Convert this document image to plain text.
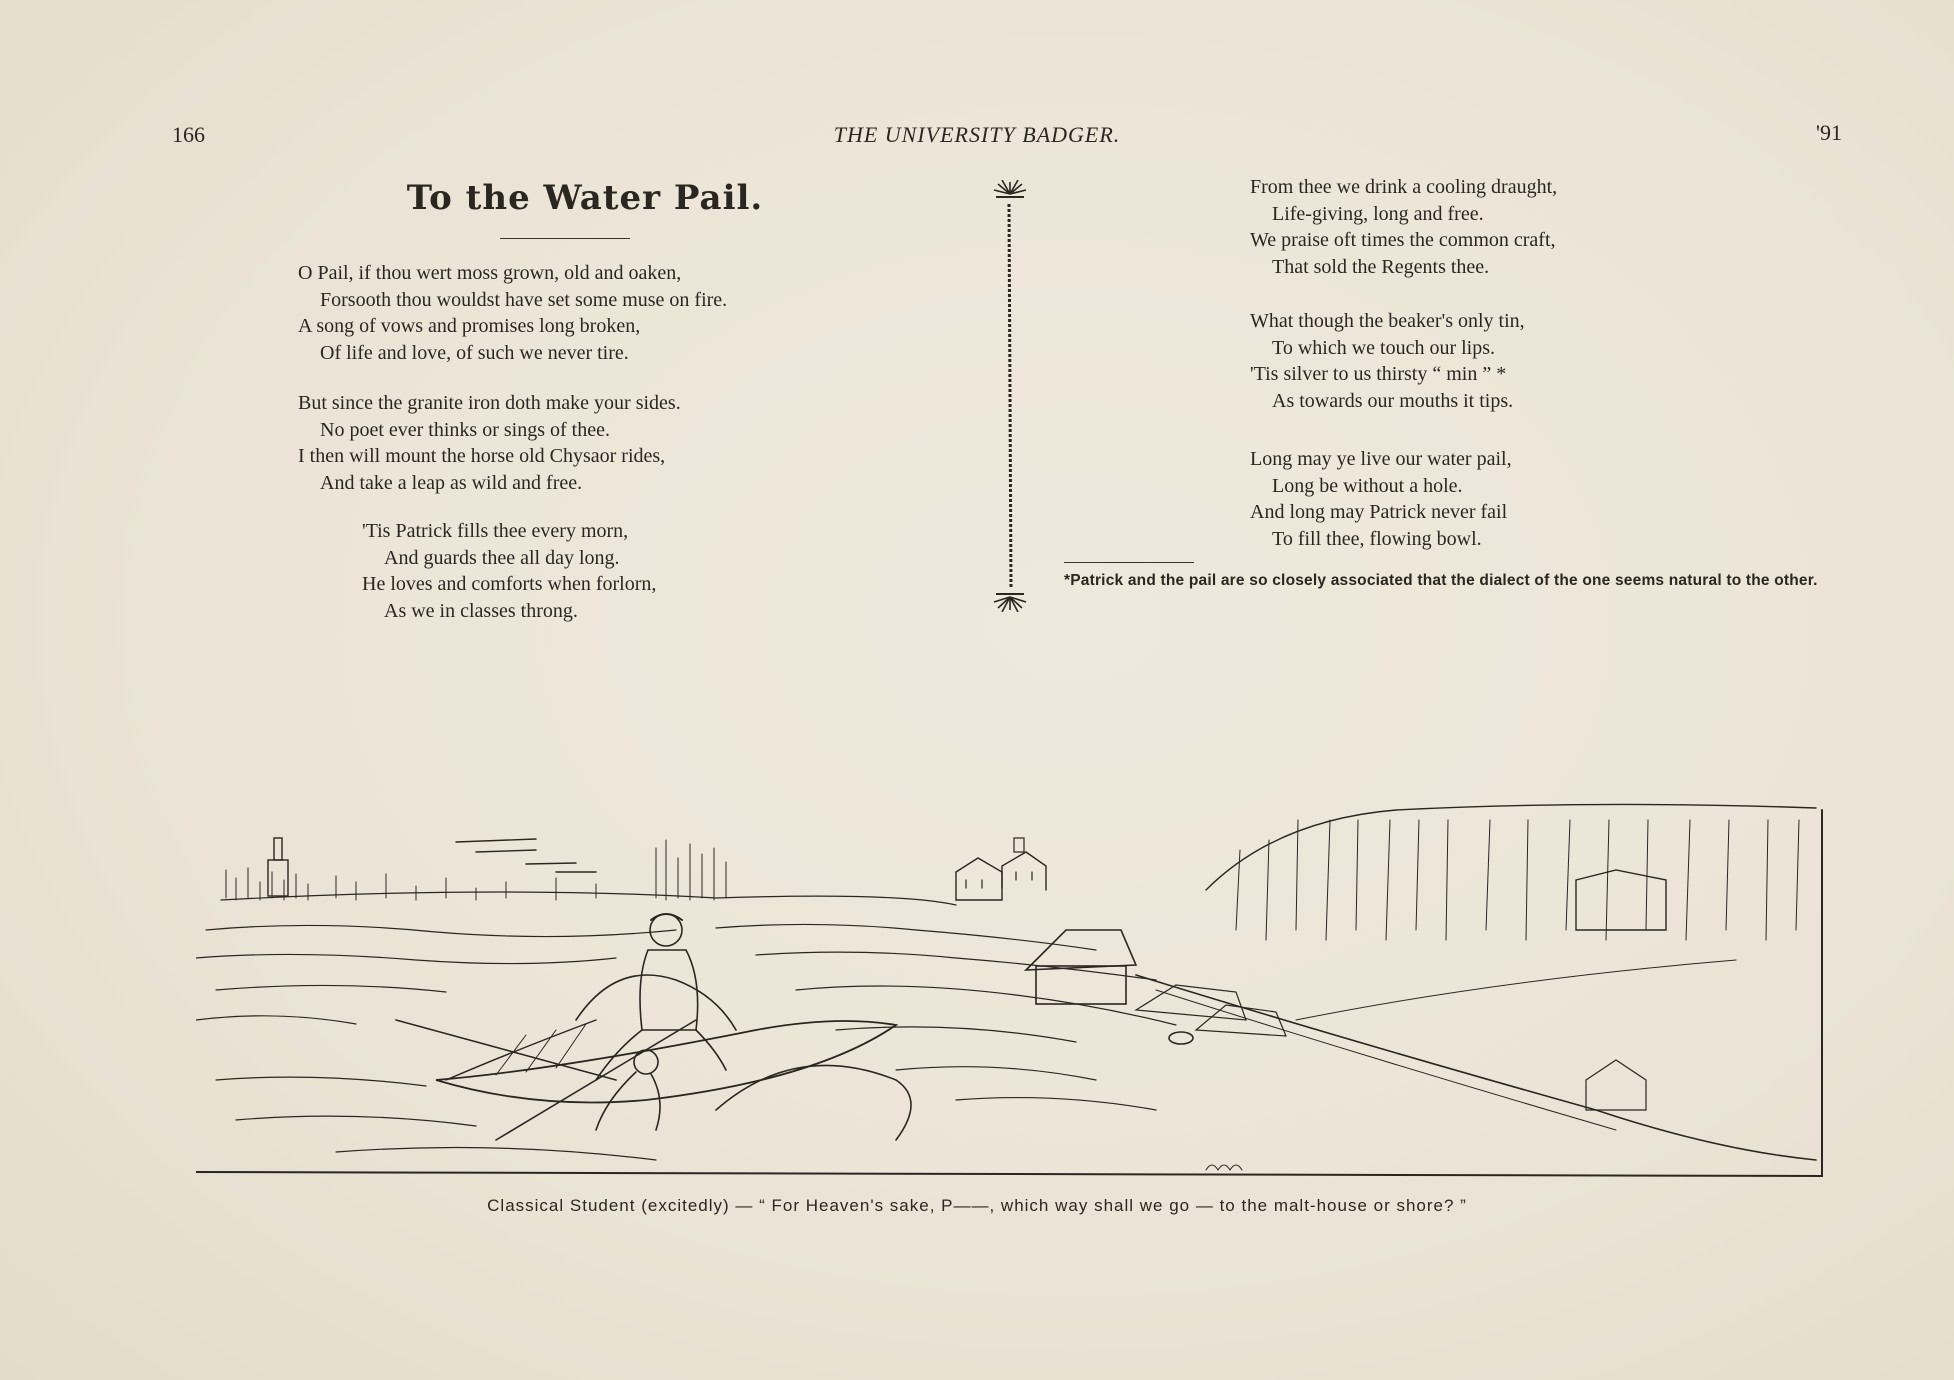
166	THE UNIVERSITY BADGER.	'91
To the Water Pail.
O Pail, if thou wert moss grown, old and oaken,
Forsooth thou wouldst have set some muse on fire.
A song of vows and promises long broken,
Of life and love, of such we never tire.
But since the granite iron doth make your sides.
No poet ever thinks or sings of thee.
I then will mount the horse old Chysaor rides,
And take a leap as wild and free.
'Tis Patrick fills thee every morn,
And guards thee all day long.
He loves and comforts when forlorn,
As we in classes throng.
From thee we drink a cooling draught,
Life-giving, long and free.
We praise oft times the common craft,
That sold the Regents thee.
What though the beaker's only tin,
To which we touch our lips.
'Tis silver to us thirsty “ min ” *
As towards our mouths it tips.
Long may ye live our water pail,
Long be without a hole.
And long may Patrick never fail
To fill thee, flowing bowl.
*Patrick and the pail are so closely associated that the dialect of the one seems natural to the other.
Classical Student (excitedly) — “ For Heaven's sake, P——, which way shall we go — to the malt-house or shore? ”
